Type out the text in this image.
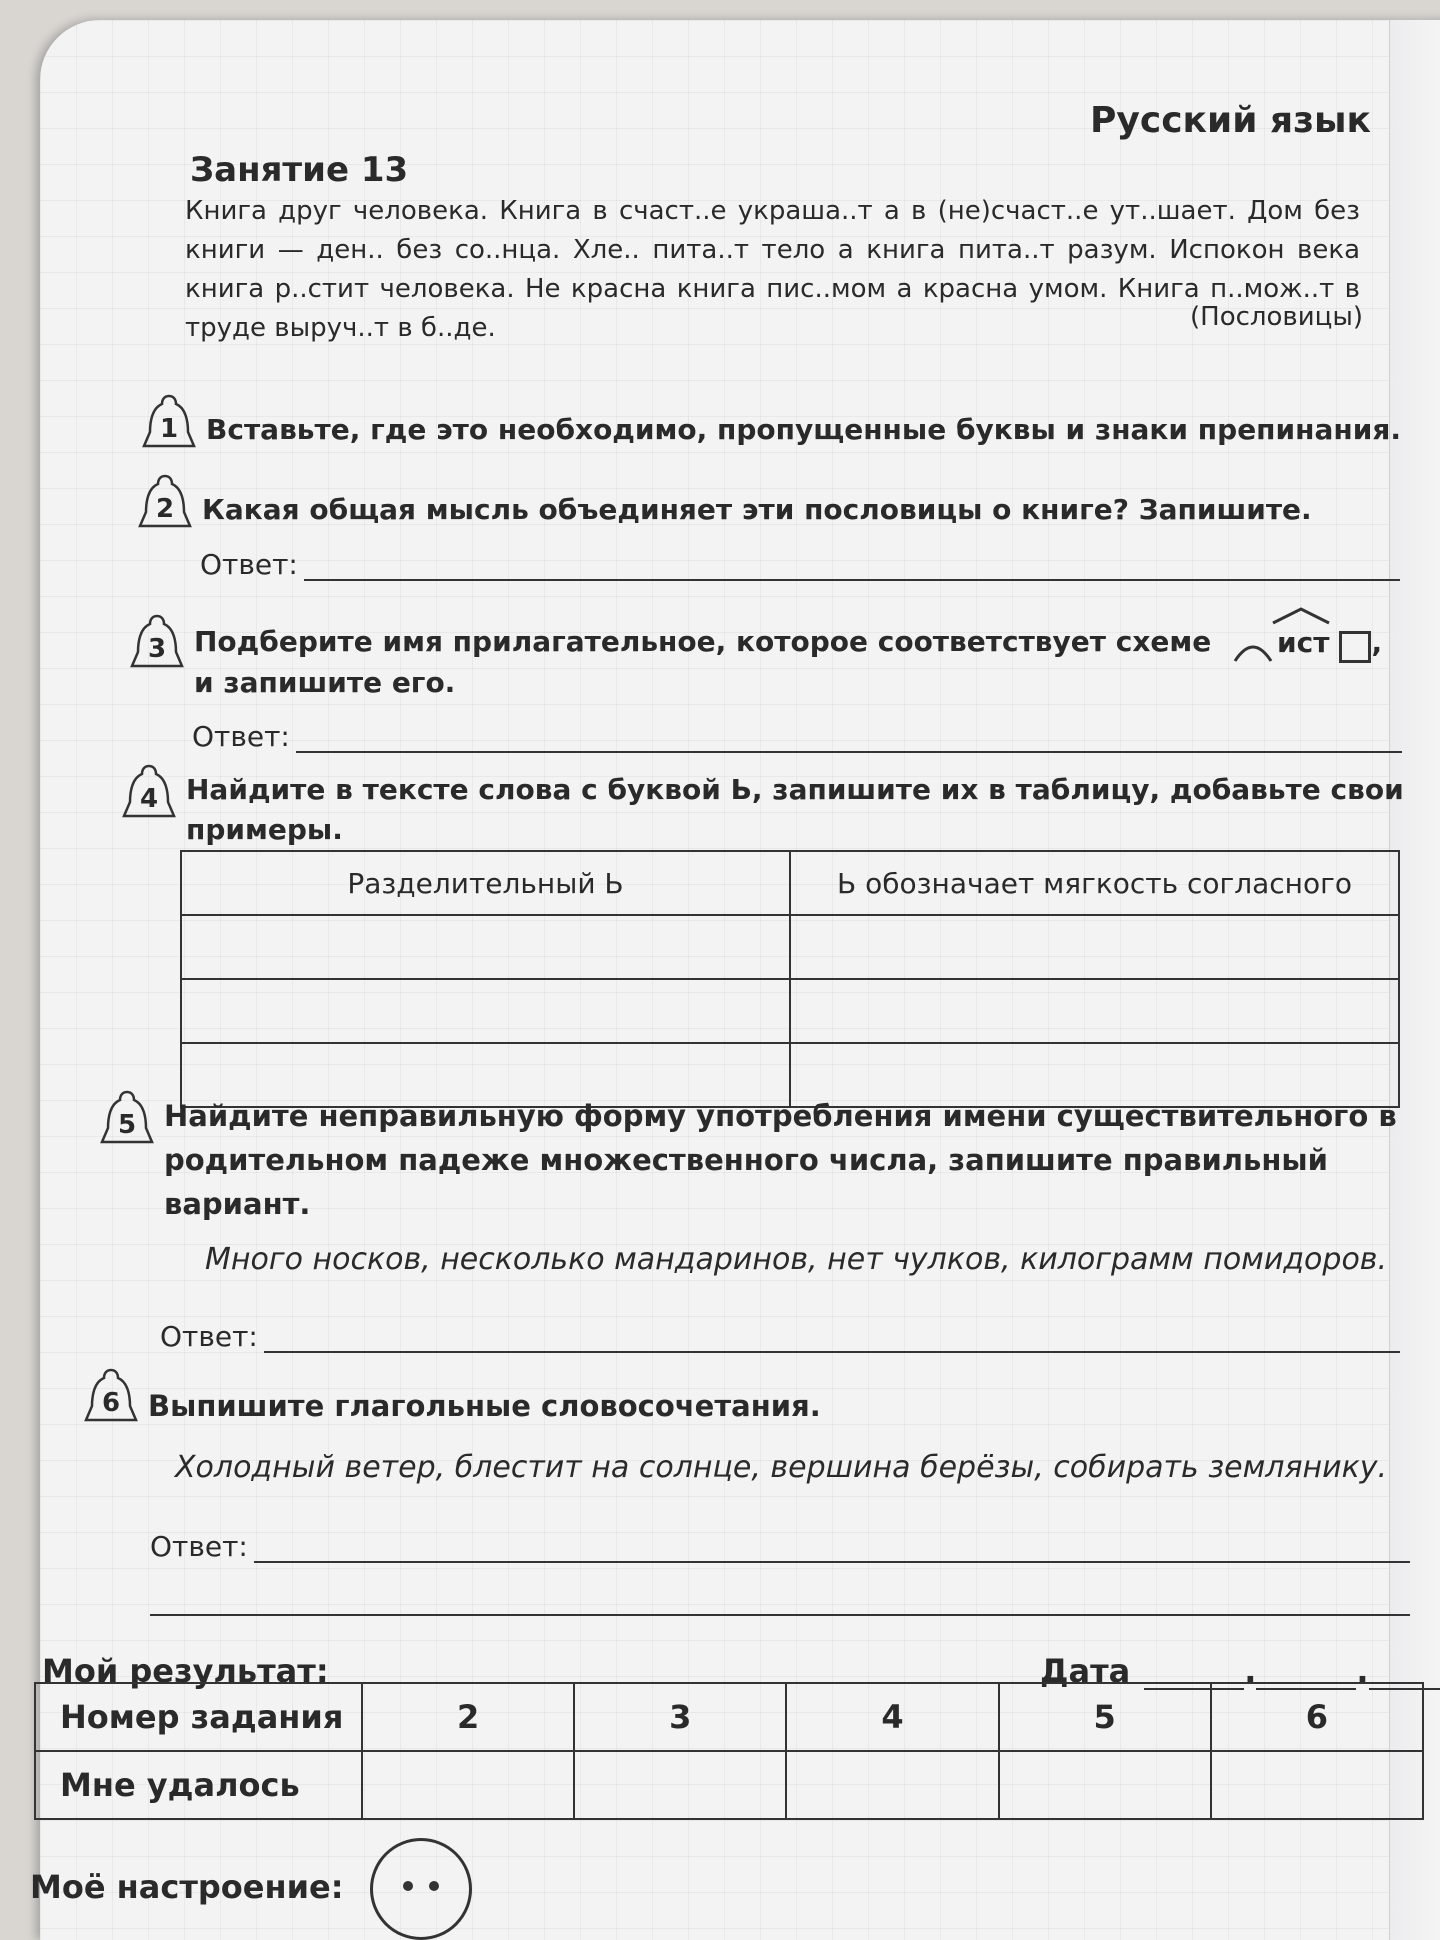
Русский язык
Занятие 13
Книга друг человека. Книга в счаст..е украша..т а в (не)счаст..е ут..шает. Дом без книги — ден.. без со..нца. Хле.. пита..т тело а книга пита..т разум. Испокон века книга р..стит человека. Не красна книга пис..мом а красна умом. Книга п..мож..т в труде выруч..т в б..де.	(Пословицы)
1 Вставьте, где это необходимо, пропущенные буквы и знаки препинания.
2 Какая общая мысль объединяет эти пословицы о книге? Запишите.
Ответ:
3 Подберите имя прилагательное, которое соответствует схеме ист ,

и запишите его.
Ответ:
4 Найдите в тексте слова с буквой Ь, запишите их в таблицу, добавьте свои примеры.
Разделительный Ь	Ь обозначает мягкость согласного

5 Найдите неправильную форму употребления имени существительного в родительном падеже множественного числа, запишите правильный вариант.
Много носков, несколько мандаринов, нет чулков, килограмм помидоров.
Ответ:
6 Выпишите глагольные словосочетания.
Холодный ветер, блестит на солнце, вершина берёзы, собирать землянику.
Ответ:
Мой результат:	Дата	.	.
Номер задания	2	3	4	5	6
Мне удалось					
Моё настроение:
